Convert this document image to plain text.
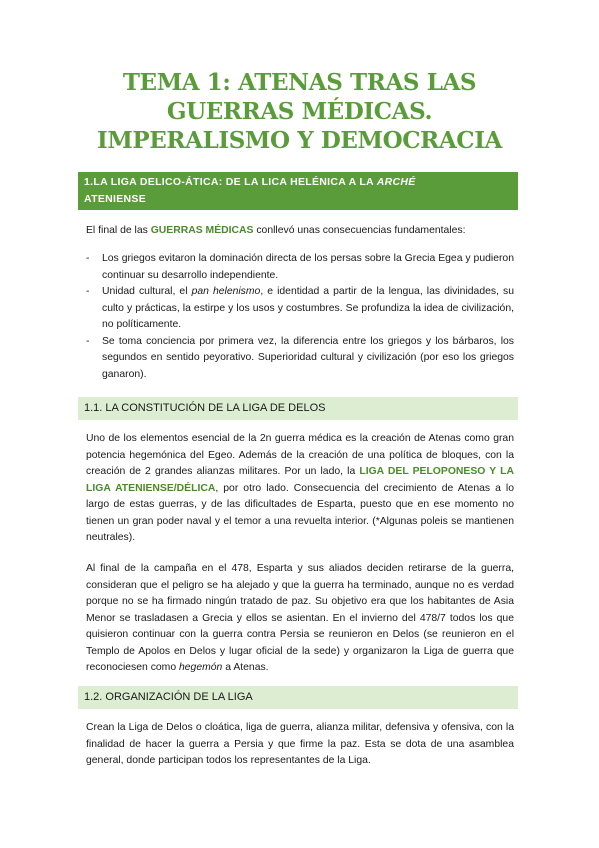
TEMA 1: ATENAS TRAS LAS
GUERRAS MÉDICAS.
IMPERALISMO Y DEMOCRACIA
1.LA LIGA DELICO-ÁTICA: DE LA LICA HELÉNICA A LA ARCHÉ
ATENIENSE

El final de las GUERRAS MÉDICAS conllevó unas consecuencias fundamentales:

- Los griegos evitaron la dominación directa de los persas sobre la Grecia Egea y pudieron continuar su desarrollo independiente.
- Unidad cultural, el pan helenismo, e identidad a partir de la lengua, las divinidades, su culto y prácticas, la estirpe y los usos y costumbres. Se profundiza la idea de civilización, no políticamente.
- Se toma conciencia por primera vez, la diferencia entre los griegos y los bárbaros, los segundos en sentido peyorativo. Superioridad cultural y civilización (por eso los griegos ganaron).
1.1. LA CONSTITUCIÓN DE LA LIGA DE DELOS

Uno de los elementos esencial de la 2n guerra médica es la creación de Atenas como gran potencia hegemónica del Egeo. Además de la creación de una política de bloques, con la creación de 2 grandes alianzas militares. Por un lado, la LIGA DEL PELOPONESO Y LA LIGA ATENIENSE/DÉLICA, por otro lado. Consecuencia del crecimiento de Atenas a lo largo de estas guerras, y de las dificultades de Esparta, puesto que en ese momento no tienen un gran poder naval y el temor a una revuelta interior. (*Algunas poleis se mantienen neutrales).

Al final de la campaña en el 478, Esparta y sus aliados deciden retirarse de la guerra, consideran que el peligro se ha alejado y que la guerra ha terminado, aunque no es verdad porque no se ha firmado ningún tratado de paz. Su objetivo era que los habitantes de Asia Menor se trasladasen a Grecia y ellos se asientan. En el invierno del 478/7 todos los que quisieron continuar con la guerra contra Persia se reunieron en Delos (se reunieron en el Templo de Apolos en Delos y lugar oficial de la sede) y organizaron la Liga de guerra que reconociesen como hegemón a Atenas.

1.2. ORGANIZACIÓN DE LA LIGA

Crean la Liga de Delos o cloática, liga de guerra, alianza militar, defensiva y ofensiva, con la finalidad de hacer la guerra a Persia y que firme la paz. Esta se dota de una asamblea general, donde participan todos los representantes de la Liga.
